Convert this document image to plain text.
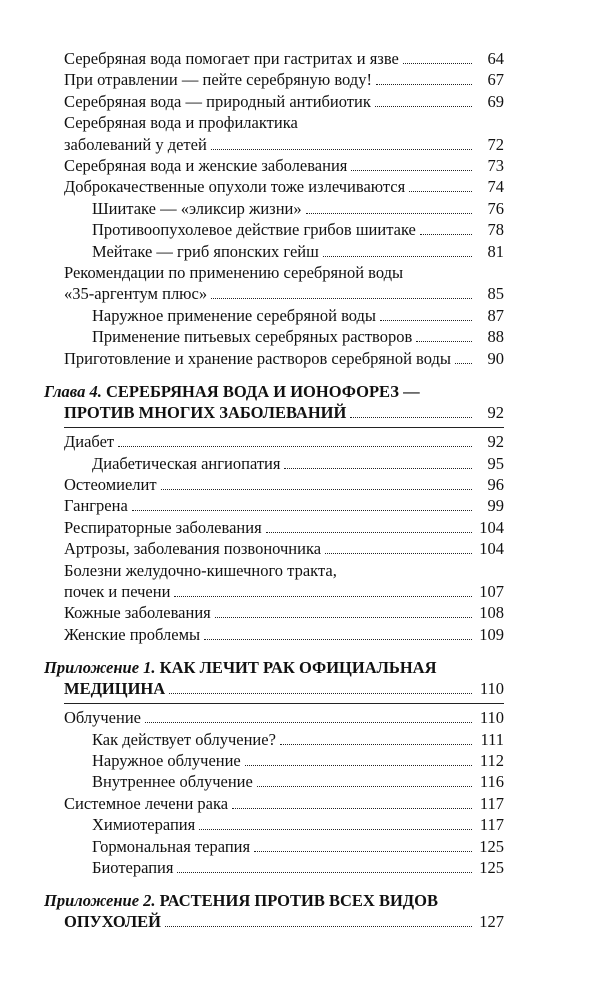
Серебряная вода помогает при гастритах и язве	64
При отравлении — пейте серебряную воду!	67
Серебряная вода — природный антибиотик	69
Серебряная вода и профилактика
заболеваний у детей	72
Серебряная вода и женские заболевания	73
Доброкачественные опухоли тоже излечиваются	74
Шиитаке — «эликсир жизни»	76
Противоопухолевое действие грибов шиитаке	78
Мейтаке — гриб японских гейш	81
Рекомендации по применению серебряной воды
«35-аргентум плюс»	85
Наружное применение серебряной воды	87
Применение питьевых серебряных растворов	88
Приготовление и хранение растворов серебряной воды	90
Глава 4. СЕРЕБРЯНАЯ ВОДА И ИОНОФОРЕЗ —
ПРОТИВ МНОГИХ ЗАБОЛЕВАНИЙ	92
Диабет	92
Диабетическая ангиопатия	95
Остеомиелит	96
Гангрена	99
Респираторные заболевания	104
Артрозы, заболевания позвоночника	104
Болезни желудочно-кишечного тракта,
почек и печени	107
Кожные заболевания	108
Женские проблемы	109
Приложение 1. КАК ЛЕЧИТ РАК ОФИЦИАЛЬНАЯ
МЕДИЦИНА	110
Облучение	110
Как действует облучение?	111
Наружное облучение	112
Внутреннее облучение	116
Системное лечени рака	117
Химиотерапия	117
Гормональная терапия	125
Биотерапия	125
Приложение 2. РАСТЕНИЯ ПРОТИВ ВСЕХ ВИДОВ
ОПУХОЛЕЙ	127
